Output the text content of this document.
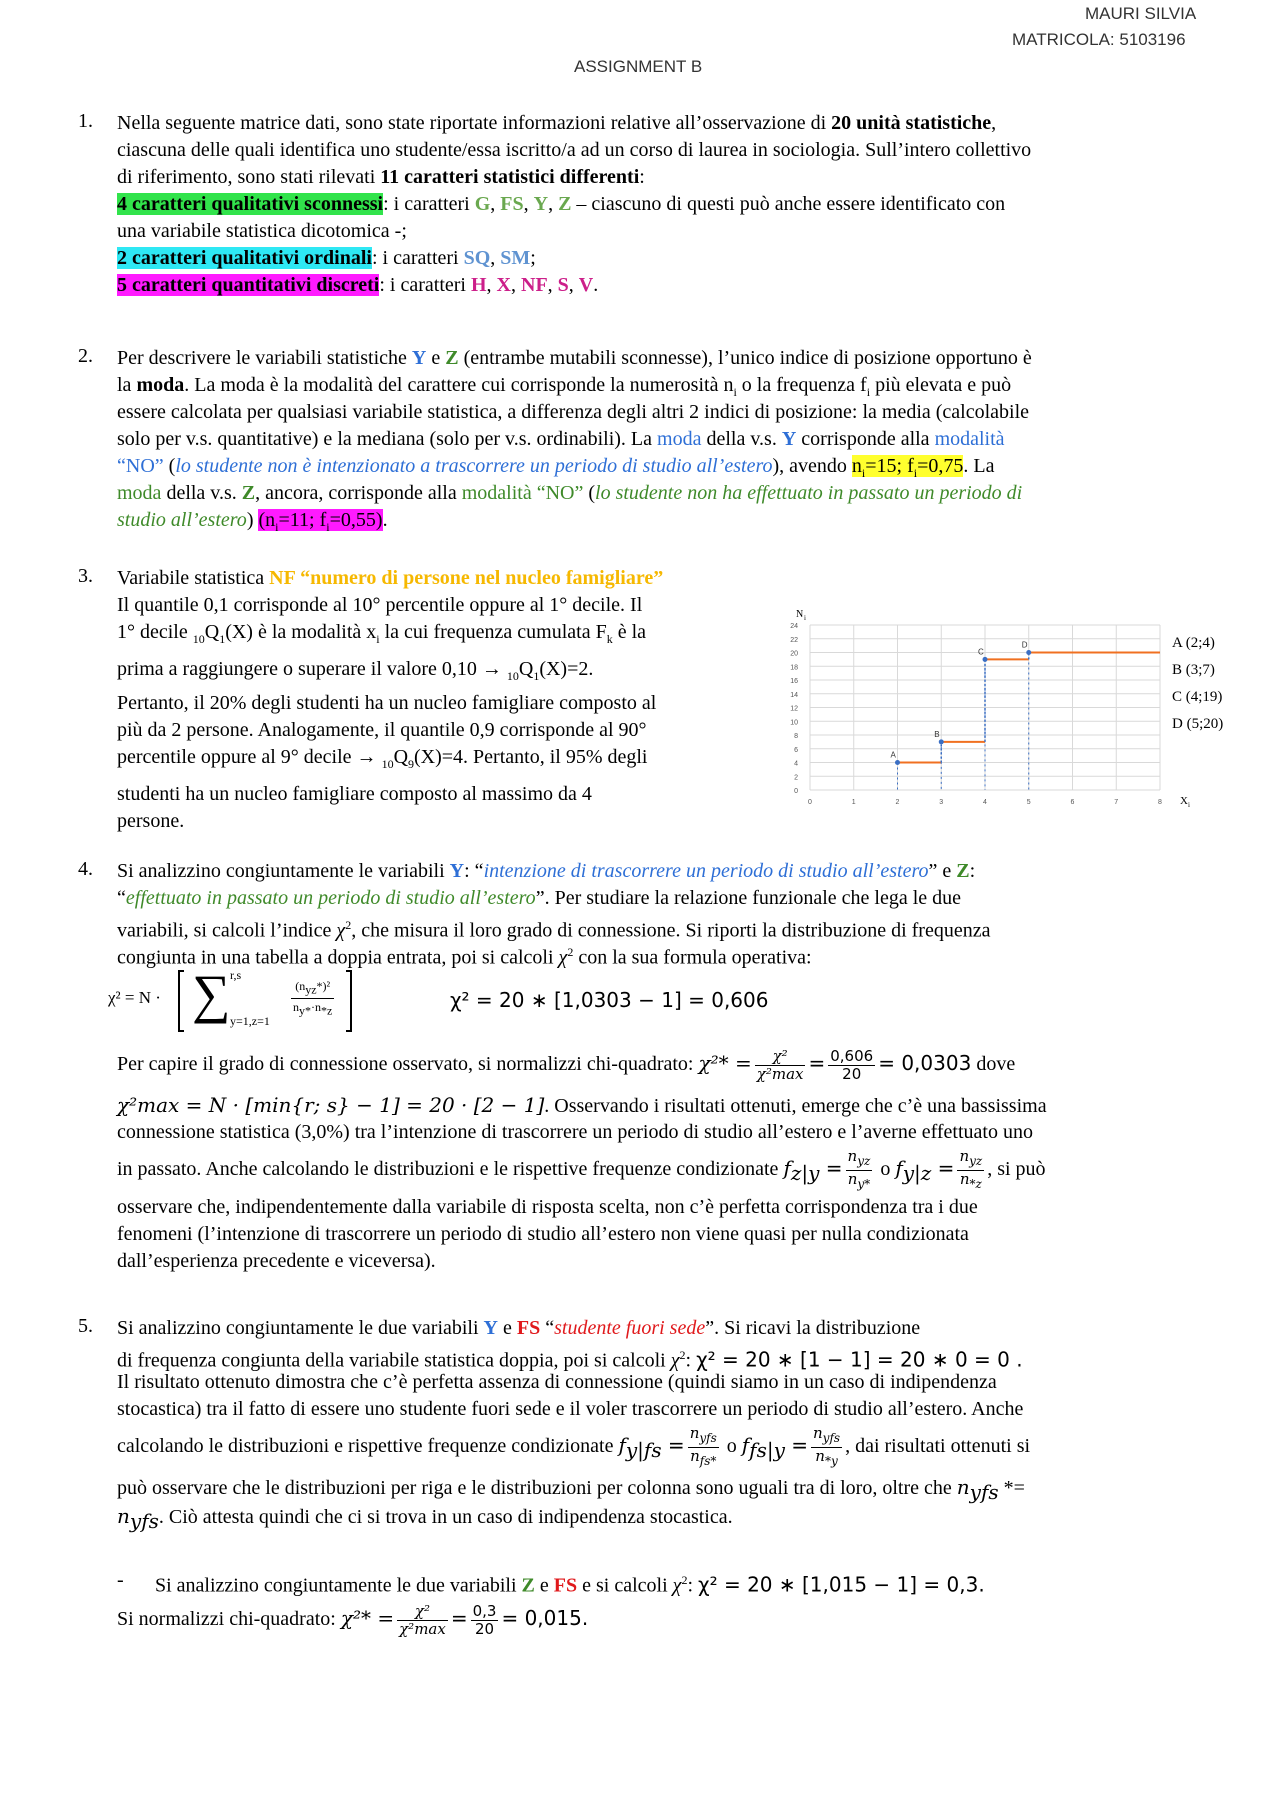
MAURI SILVIA
MATRICOLA: 5103196
ASSIGNMENT B
1. Nella seguente matrice dati, sono state riportate informazioni relative all’osservazione di 20 unità statistiche,
ciascuna delle quali identifica uno studente/essa iscritto/a ad un corso di laurea in sociologia. Sull’intero collettivo
di riferimento, sono stati rilevati 11 caratteri statistici differenti:
4 caratteri qualitativi sconnessi: i caratteri G, FS, Y, Z – ciascuno di questi può anche essere identificato con
una variabile statistica dicotomica -;
2 caratteri qualitativi ordinali: i caratteri SQ, SM;
5 caratteri quantitativi discreti: i caratteri H, X, NF, S, V.
2. Per descrivere le variabili statistiche Y e Z (entrambe mutabili sconnesse), l’unico indice di posizione opportuno è
la moda. La moda è la modalità del carattere cui corrisponde la numerosità $n_i$ o la frequenza $f_i$ più elevata e può
essere calcolata per qualsiasi variabile statistica, a differenza degli altri 2 indici di posizione: la media (calcolabile
solo per v.s. quantitative) e la mediana (solo per v.s. ordinabili). La moda della v.s. Y corrisponde alla modalità
“NO” (lo studente non è intenzionato a trascorrere un periodo di studio all’estero), avendo $n_i=15$; $f_i=0,75$. La
moda della v.s. Z, ancora, corrisponde alla modalità “NO” (lo studente non ha effettuato in passato un periodo di
studio all’estero) ($n_i=11$; $f_i=0,55$).
3. Variabile statistica NF “numero di persone nel nucleo famigliare”
Il quantile 0,1 corrisponde al 10° percentile oppure al 1° decile. Il
1° decile $_{10}Q_1(X)$ è la modalità $x_i$ la cui frequenza cumulata $F_k$ è la
prima a raggiungere o superare il valore $0,10 \to _{10}Q_1(X)=2$.
Pertanto, il 20% degli studenti ha un nucleo famigliare composto al
più da 2 persone. Analogamente, il quantile 0,9 corrisponde al 90°
percentile oppure al 9° decile → $_{10}Q_9(X)=4$. Pertanto, il 95% degli
studenti ha un nucleo famigliare composto al massimo da 4
persone.
0
2
4
6
8
10
12
14
16
18
20
22
24
0	1	2	3	4	5	6	7	8
N i
X i
A
B
C
D	A (2;4)
B (3;7)
C (4;19)
D (5;20)
4. Si analizzino congiuntamente le variabili Y: “intenzione di trascorrere un periodo di studio all’estero” e Z:
“effettuato in passato un periodo di studio all’estero”. Per studiare la relazione funzionale che lega le due
variabili, si calcoli l’indice $\chi^2$, che misura il loro grado di connessione. Si riporti la distribuzione di frequenza
congiunta in una tabella a doppia entrata, poi si calcoli $\chi^2$ con la sua formula operativa:
χ² = N · ∑ r,s
y=1,z=1
$(n_{yz}*)^2$
$n_{y*}\cdot n_{*z}$	χ² = 20 ∗ [1,0303 − 1] = 0,606
Per capire il grado di connessione osservato, si normalizzi chi-quadrato: $\chi^2* = \frac{\text{χ²}}{\text{χ²max}} = \frac{0,606}{20} = 0,0303$ dove
χ²max = N · [min{r; s} − 1] = 20 · [2 − 1]. Osservando i risultati ottenuti, emerge che c’è una bassissima
connessione statistica (3,0%) tra l’intenzione di trascorrere un periodo di studio all’estero e l’averne effettuato uno
in passato. Anche calcolando le distribuzioni e le rispettive frequenze condizionate $f_{z|y} = \frac{n_{yz}}{n_{y*}}$ o $f_{y|z} = \frac{n_{yz}}{n_{*z}}$ , si può
osservare che, indipendentemente dalla variabile di risposta scelta, non c’è perfetta corrispondenza tra i due
fenomeni (l’intenzione di trascorrere un periodo di studio all’estero non viene quasi per nulla condizionata
dall’esperienza precedente e viceversa).
5. Si analizzino congiuntamente le due variabili Y e FS “studente fuori sede”. Si ricavi la distribuzione
di frequenza congiunta della variabile statistica doppia, poi si calcoli $\chi^2$: χ² = 20 ∗ [1 − 1] = 20 ∗ 0 = 0 .
Il risultato ottenuto dimostra che c’è perfetta assenza di connessione (quindi siamo in un caso di indipendenza
stocastica) tra il fatto di essere uno studente fuori sede e il voler trascorrere un periodo di studio all’estero. Anche
calcolando le distribuzioni e rispettive frequenze condizionate $f_{y|fs} = \frac{n_{yfs}}{n_{fs*}}$ o $f_{fs|y} = \frac{n_{yfs}}{n_{*y}}$ , dai risultati ottenuti si
può osservare che le distribuzioni per riga e le distribuzioni per colonna sono uguali tra di loro, oltre che $n_{yfs}$ *=
$n_{yfs}$. Ciò attesta quindi che ci si trova in un caso di indipendenza stocastica.
- Si analizzino congiuntamente le due variabili Z e FS e si calcoli $\chi^2$: χ² = 20 ∗ [1,015 − 1] = 0,3.
Si normalizzi chi-quadrato: $\chi^2* = \frac{\text{χ²}}{\text{χ²max}} = \frac{0,3}{20} = 0,015$.
